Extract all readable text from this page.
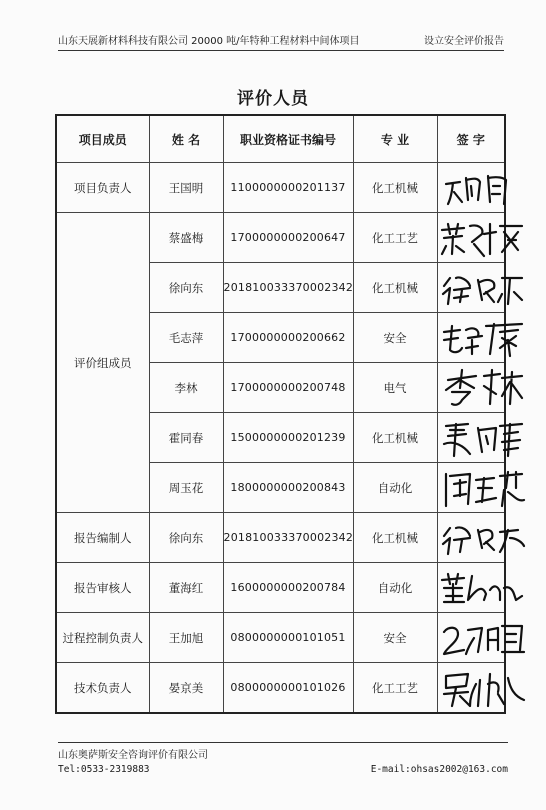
山东天展新材料科技有限公司 20000 吨/年特种工程材料中间体项目	设立安全评价报告
评价人员
项目成员	姓 名	职业资格证书编号	专 业	签 字
项目负责人	王国明	1100000000201137	化工机械	

评价组成员	蔡盛梅	1700000000200647	化工工艺	

	徐向东	201810033370002342	化工机械	

	毛志萍	1700000000200662	安全	

	李林	1700000000200748	电气	

	霍同春	1500000000201239	化工机械	

	周玉花	1800000000200843	自动化	

报告编制人	徐向东	201810033370002342	化工机械	

报告审核人	董海红	1600000000200784	自动化	

过程控制负责人	王加旭	0800000000101051	安全	

技术负责人	晏京美	0800000000101026	化工工艺	
山东奥萨斯安全咨询评价有限公司
Tel:0533-2319883	E-mail:ohsas2002@163.com
